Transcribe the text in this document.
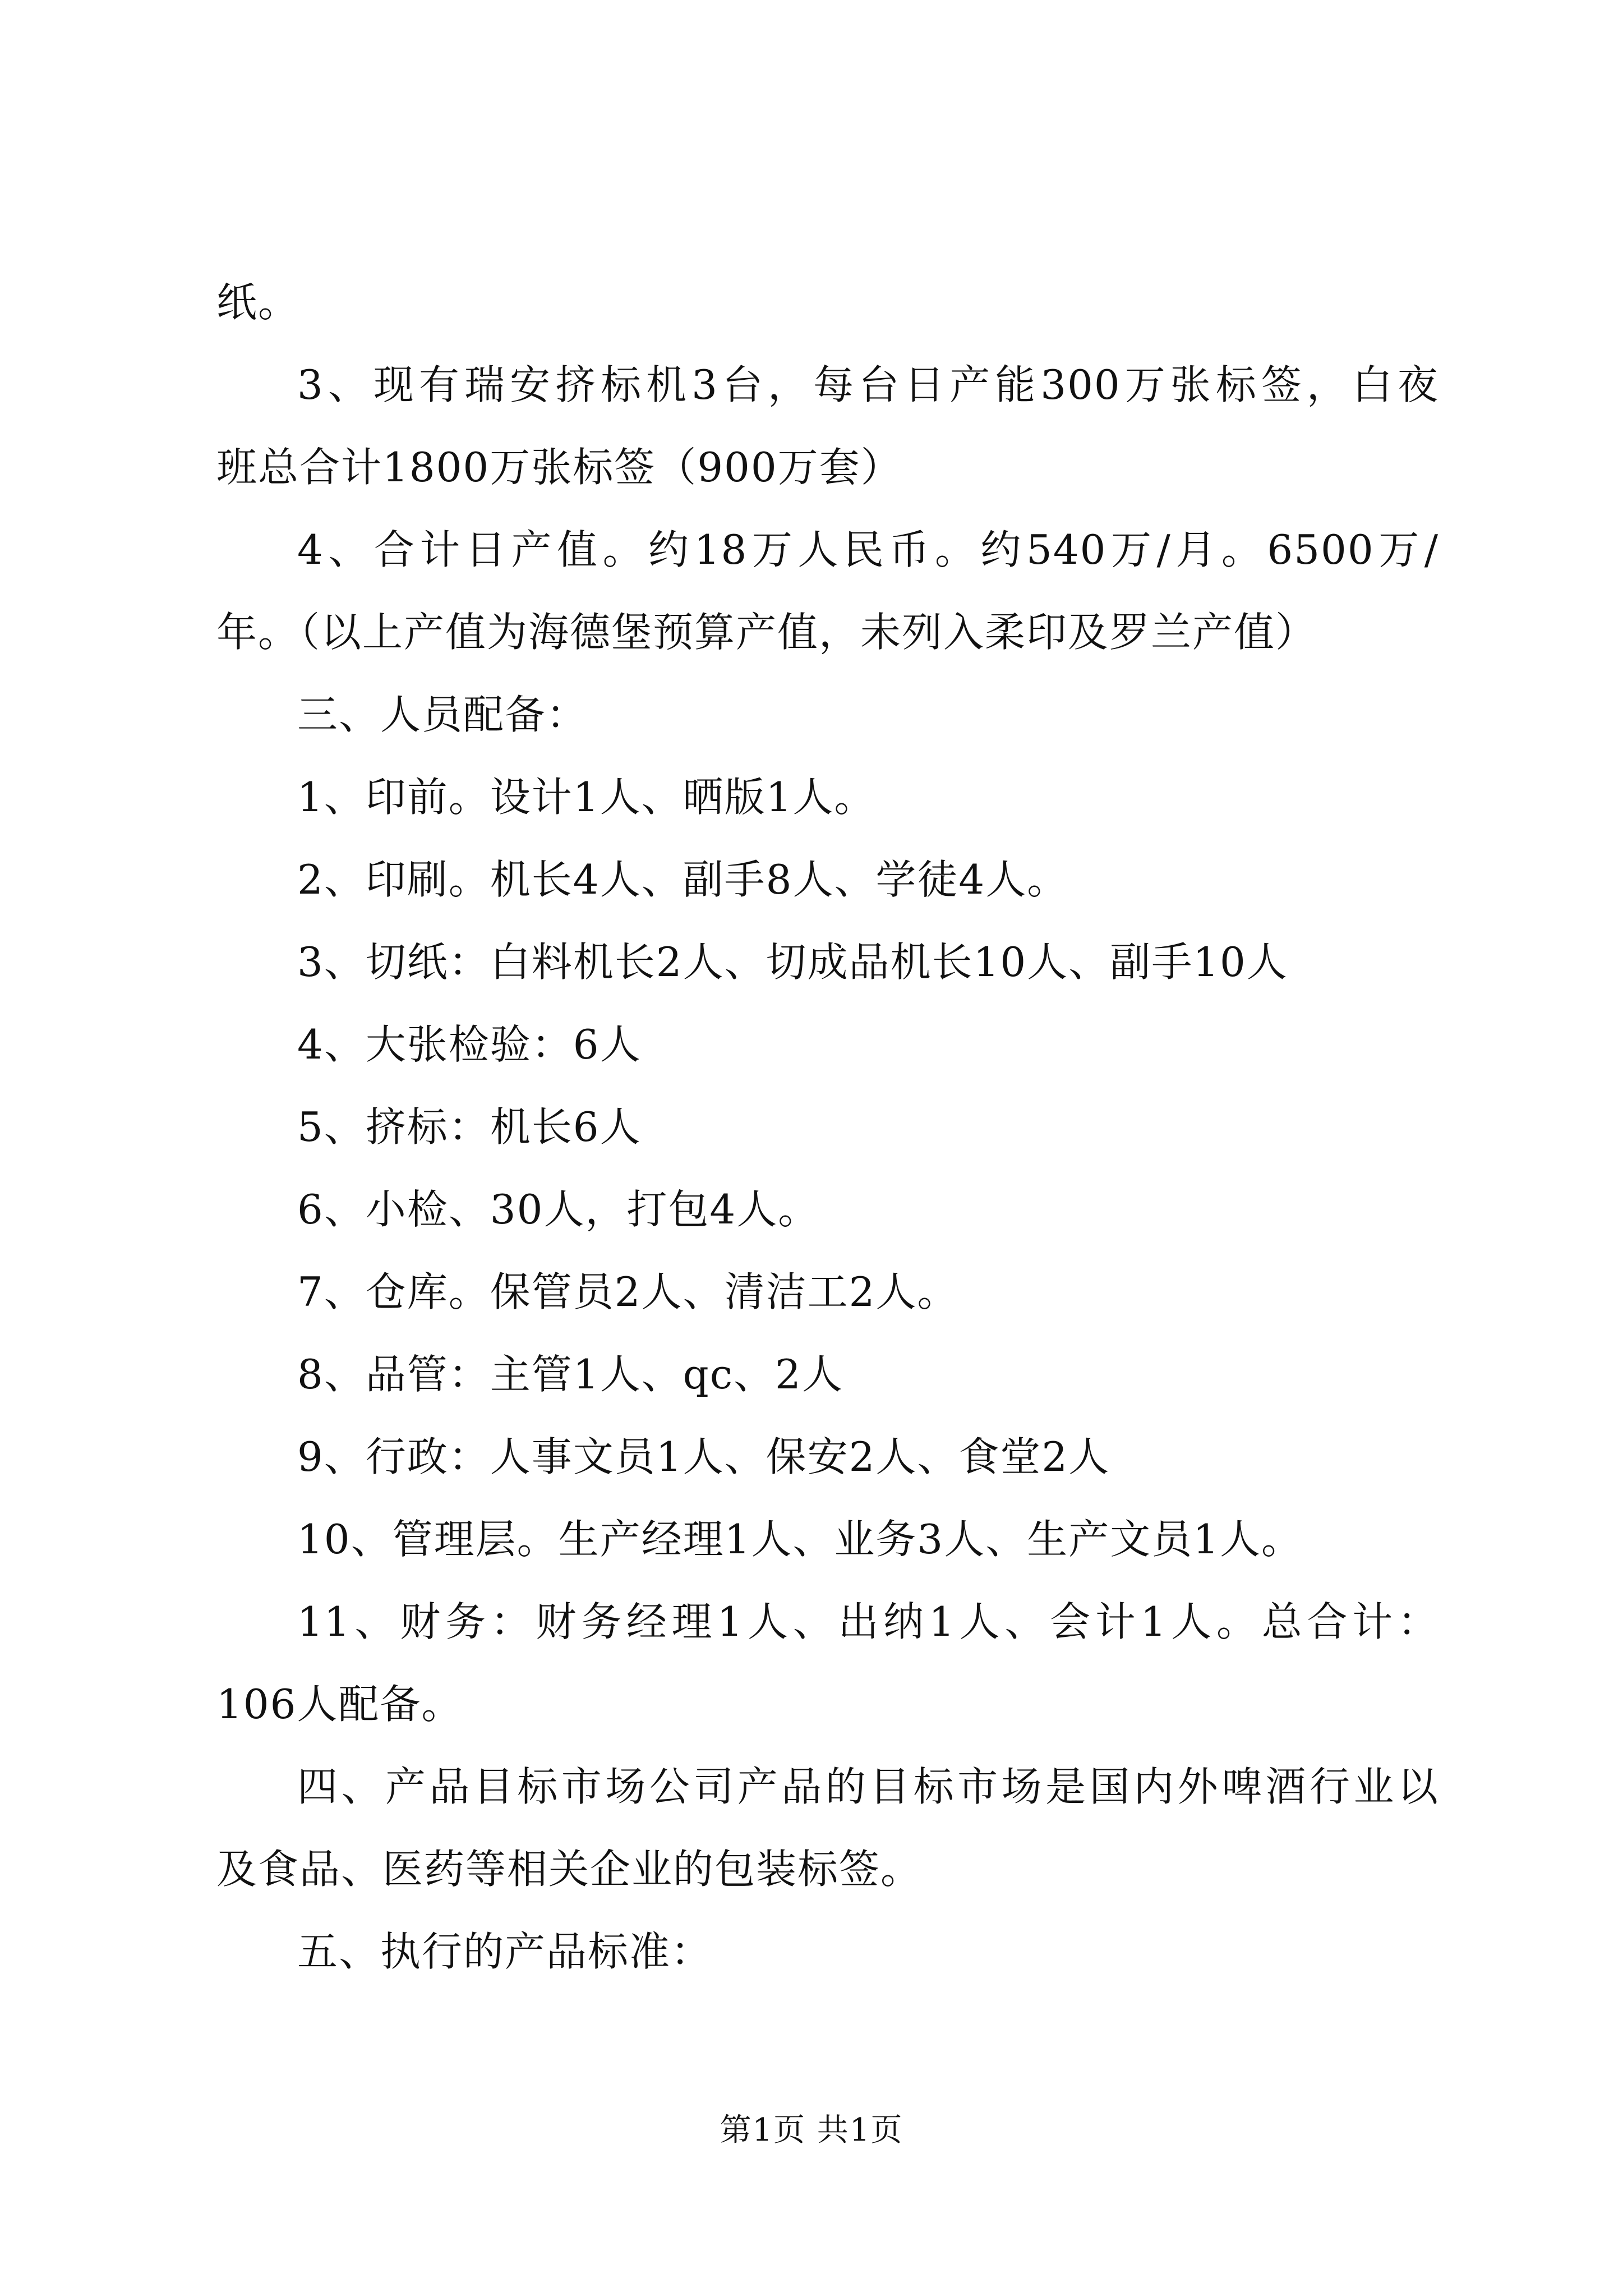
纸。
3、现有瑞安挤标机3台，每台日产能300万张标签，白夜
班总合计1800万张标签（900万套）
4、合计日产值。约18万人民币。约540万/月。6500万/
年。（以上产值为海德堡预算产值，未列入柔印及罗兰产值）
三、人员配备：
1、印前。设计1人、晒版1人。
2、印刷。机长4人、副手8人、学徒4人。
3、切纸：白料机长2人、切成品机长10人、副手10人
4、大张检验：6人
5、挤标：机长6人
6、小检、30人，打包4人。
7、仓库。保管员2人、清洁工2人。
8、品管：主管1人、qc、2人
9、行政：人事文员1人、保安2人、食堂2人
10、管理层。生产经理1人、业务3人、生产文员1人。
11、财务：财务经理1人、出纳1人、会计1人。总合计：
106人配备。
四、产品目标市场公司产品的目标市场是国内外啤酒行业以
及食品、医药等相关企业的包装标签。
五、执行的产品标准：
第1页 共1页
